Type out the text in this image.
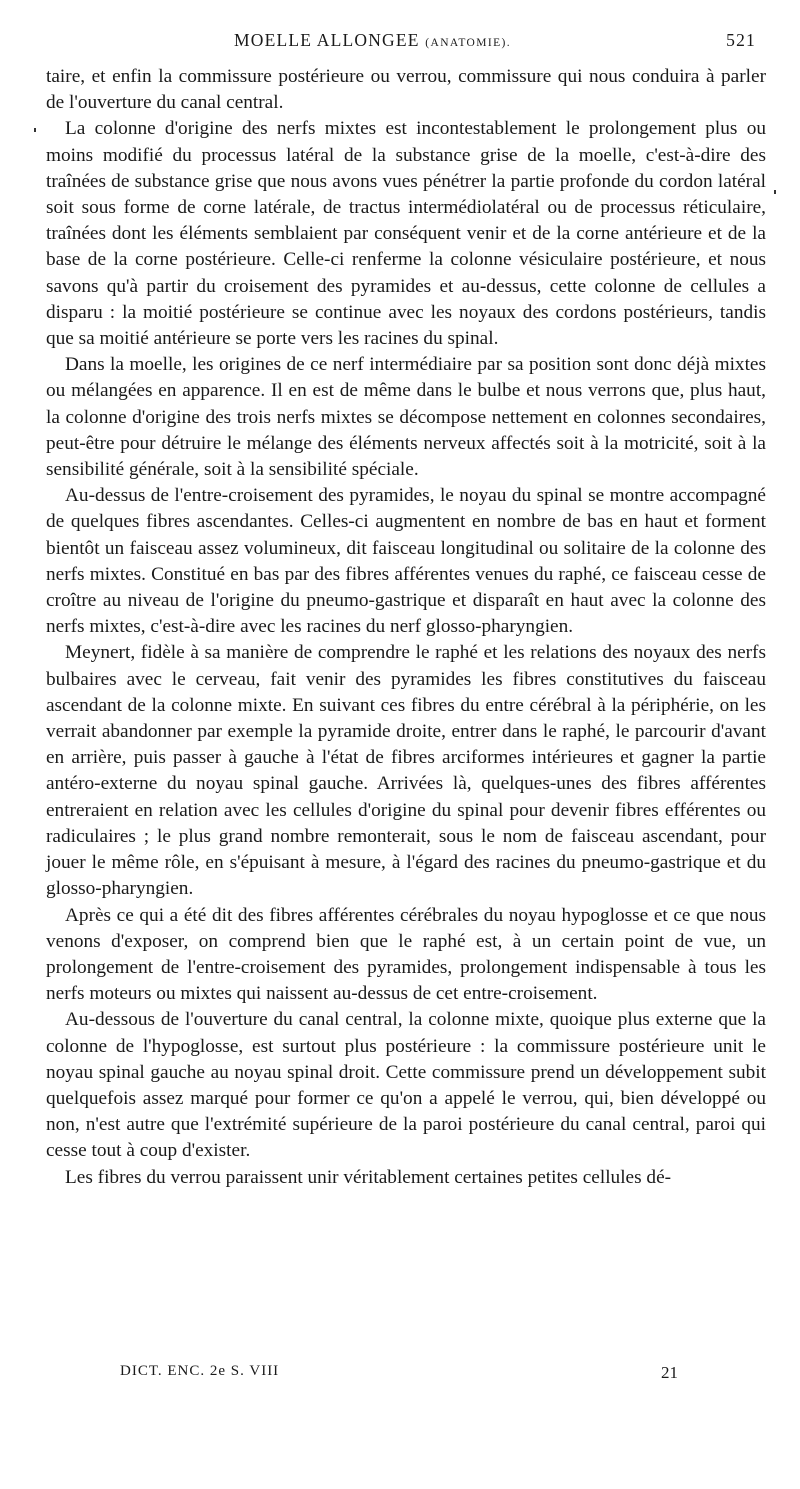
MOELLE ALLONGEE (ANATOMIE).	521

taire, et enfin la commissure postérieure ou verrou, commissure qui nous conduira à parler de l'ouverture du canal central.

La colonne d'origine des nerfs mixtes est incontestablement le prolongement plus ou moins modifié du processus latéral de la substance grise de la moelle, c'est-à-dire des traînées de substance grise que nous avons vues pénétrer la partie profonde du cordon latéral soit sous forme de corne latérale, de tractus intermédiolatéral ou de processus réticulaire, traînées dont les éléments semblaient par conséquent venir et de la corne antérieure et de la base de la corne postérieure. Celle-ci renferme la colonne vésiculaire postérieure, et nous savons qu'à partir du croisement des pyramides et au-dessus, cette colonne de cellules a disparu : la moitié postérieure se continue avec les noyaux des cordons postérieurs, tandis que sa moitié antérieure se porte vers les racines du spinal.

Dans la moelle, les origines de ce nerf intermédiaire par sa position sont donc déjà mixtes ou mélangées en apparence. Il en est de même dans le bulbe et nous verrons que, plus haut, la colonne d'origine des trois nerfs mixtes se décompose nettement en colonnes secondaires, peut-être pour détruire le mélange des éléments nerveux affectés soit à la motricité, soit à la sensibilité générale, soit à la sensibilité spéciale.

Au-dessus de l'entre-croisement des pyramides, le noyau du spinal se montre accompagné de quelques fibres ascendantes. Celles-ci augmentent en nombre de bas en haut et forment bientôt un faisceau assez volumineux, dit faisceau longitudinal ou solitaire de la colonne des nerfs mixtes. Constitué en bas par des fibres afférentes venues du raphé, ce faisceau cesse de croître au niveau de l'origine du pneumo-gastrique et disparaît en haut avec la colonne des nerfs mixtes, c'est-à-dire avec les racines du nerf glosso-pharyngien.

Meynert, fidèle à sa manière de comprendre le raphé et les relations des noyaux des nerfs bulbaires avec le cerveau, fait venir des pyramides les fibres constitutives du faisceau ascendant de la colonne mixte. En suivant ces fibres du entre cérébral à la périphérie, on les verrait abandonner par exemple la pyramide droite, entrer dans le raphé, le parcourir d'avant en arrière, puis passer à gauche à l'état de fibres arciformes intérieures et gagner la partie antéro-externe du noyau spinal gauche. Arrivées là, quelques-unes des fibres afférentes entreraient en relation avec les cellules d'origine du spinal pour devenir fibres efférentes ou radiculaires ; le plus grand nombre remonterait, sous le nom de faisceau ascendant, pour jouer le même rôle, en s'épuisant à mesure, à l'égard des racines du pneumo-gastrique et du glosso-pharyngien.

Après ce qui a été dit des fibres afférentes cérébrales du noyau hypoglosse et ce que nous venons d'exposer, on comprend bien que le raphé est, à un certain point de vue, un prolongement de l'entre-croisement des pyramides, prolongement indispensable à tous les nerfs moteurs ou mixtes qui naissent au-dessus de cet entre-croisement.

Au-dessous de l'ouverture du canal central, la colonne mixte, quoique plus externe que la colonne de l'hypoglosse, est surtout plus postérieure : la commissure postérieure unit le noyau spinal gauche au noyau spinal droit. Cette commissure prend un développement subit quelquefois assez marqué pour former ce qu'on a appelé le verrou, qui, bien développé ou non, n'est autre que l'extrémité supérieure de la paroi postérieure du canal central, paroi qui cesse tout à coup d'exister.

Les fibres du verrou paraissent unir véritablement certaines petites cellules dé-

DICT. ENC. 2e S. VIII	21
